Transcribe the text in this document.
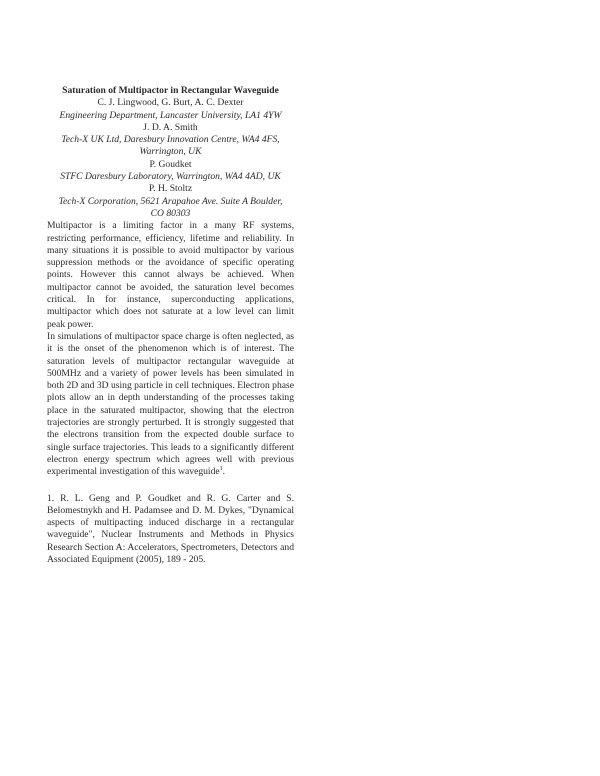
Saturation of Multipactor in Rectangular Waveguide
C. J. Lingwood, G. Burt, A. C. Dexter
Engineering Department, Lancaster University, LA1 4YW
J. D. A. Smith
Tech-X UK Ltd, Daresbury Innovation Centre, WA4 4FS,
Warrington, UK
P. Goudket
STFC Daresbury Laboratory, Warrington, WA4 4AD, UK
P. H. Stoltz
Tech-X Corporation, 5621 Arapahoe Ave. Suite A Boulder,
CO 80303

Multipactor is a limiting factor in a many RF systems, restricting performance, efficiency, lifetime and reliability. In many situations it is possible to avoid multipactor by various suppression methods or the avoidance of specific operating points. However this cannot always be achieved. When multipactor cannot be avoided, the saturation level becomes critical. In for instance, superconducting applications, multipactor which does not saturate at a low level can limit peak power.

In simulations of multipactor space charge is often neglected, as it is the onset of the phenomenon which is of interest. The saturation levels of multipactor rectangular waveguide at 500MHz and a variety of power levels has been simulated in both 2D and 3D using particle in cell techniques. Electron phase plots allow an in depth understanding of the processes taking place in the saturated multipactor, showing that the electron trajectories are strongly perturbed. It is strongly suggested that the electrons transition from the expected double surface to single surface trajectories. This leads to a significantly different electron energy spectrum which agrees well with previous experimental investigation of this waveguide$^1$.

1. R. L. Geng and P. Goudket and R. G. Carter and S. Belomestnykh and H. Padamsee and D. M. Dykes, "Dynamical aspects of multipacting induced discharge in a rectangular waveguide", Nuclear Instruments and Methods in Physics Research Section A: Accelerators, Spectrometers, Detectors and Associated Equipment (2005), 189 - 205.
